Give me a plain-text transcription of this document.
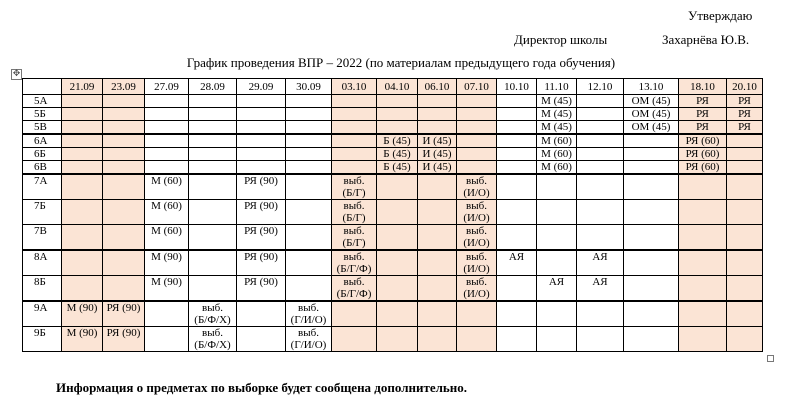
Утверждаю
Директор школы	Захарнёва Ю.В.
График проведения ВПР – 2022 (по материалам предыдущего года обучения)
✥
	21.09	23.09	27.09	28.09	29.09	30.09	03.10	04.10	06.10	07.10	10.10	11.10	12.10	13.10	18.10	20.10
5А												М (45)		ОМ (45)	РЯ	РЯ
5Б												М (45)		ОМ (45)	РЯ	РЯ
5В												М (45)		ОМ (45)	РЯ	РЯ
6А								Б (45)	И (45)			М (60)			РЯ (60)	
6Б								Б (45)	И (45)			М (60)			РЯ (60)	
6В								Б (45)	И (45)			М (60)			РЯ (60)	
7А			М (60)		РЯ (90)		выб.
(Б/Г)			выб.
(И/О)						
7Б			М (60)		РЯ (90)		выб.
(Б/Г)			выб.
(И/О)						
7В			М (60)		РЯ (90)		выб.
(Б/Г)			выб.
(И/О)						
8А			М (90)		РЯ (90)		выб.
(Б/Г/Ф)			выб.
(И/О)	АЯ		АЯ			
8Б			М (90)		РЯ (90)		выб.
(Б/Г/Ф)			выб.
(И/О)		АЯ	АЯ			
9А	М (90)	РЯ (90)		выб.
(Б/Ф/Х)		выб.
(Г/И/О)										
9Б	М (90)	РЯ (90)		выб.
(Б/Ф/Х)		выб.
(Г/И/О)										
Информация о предметах по выборке будет сообщена дополнительно.
